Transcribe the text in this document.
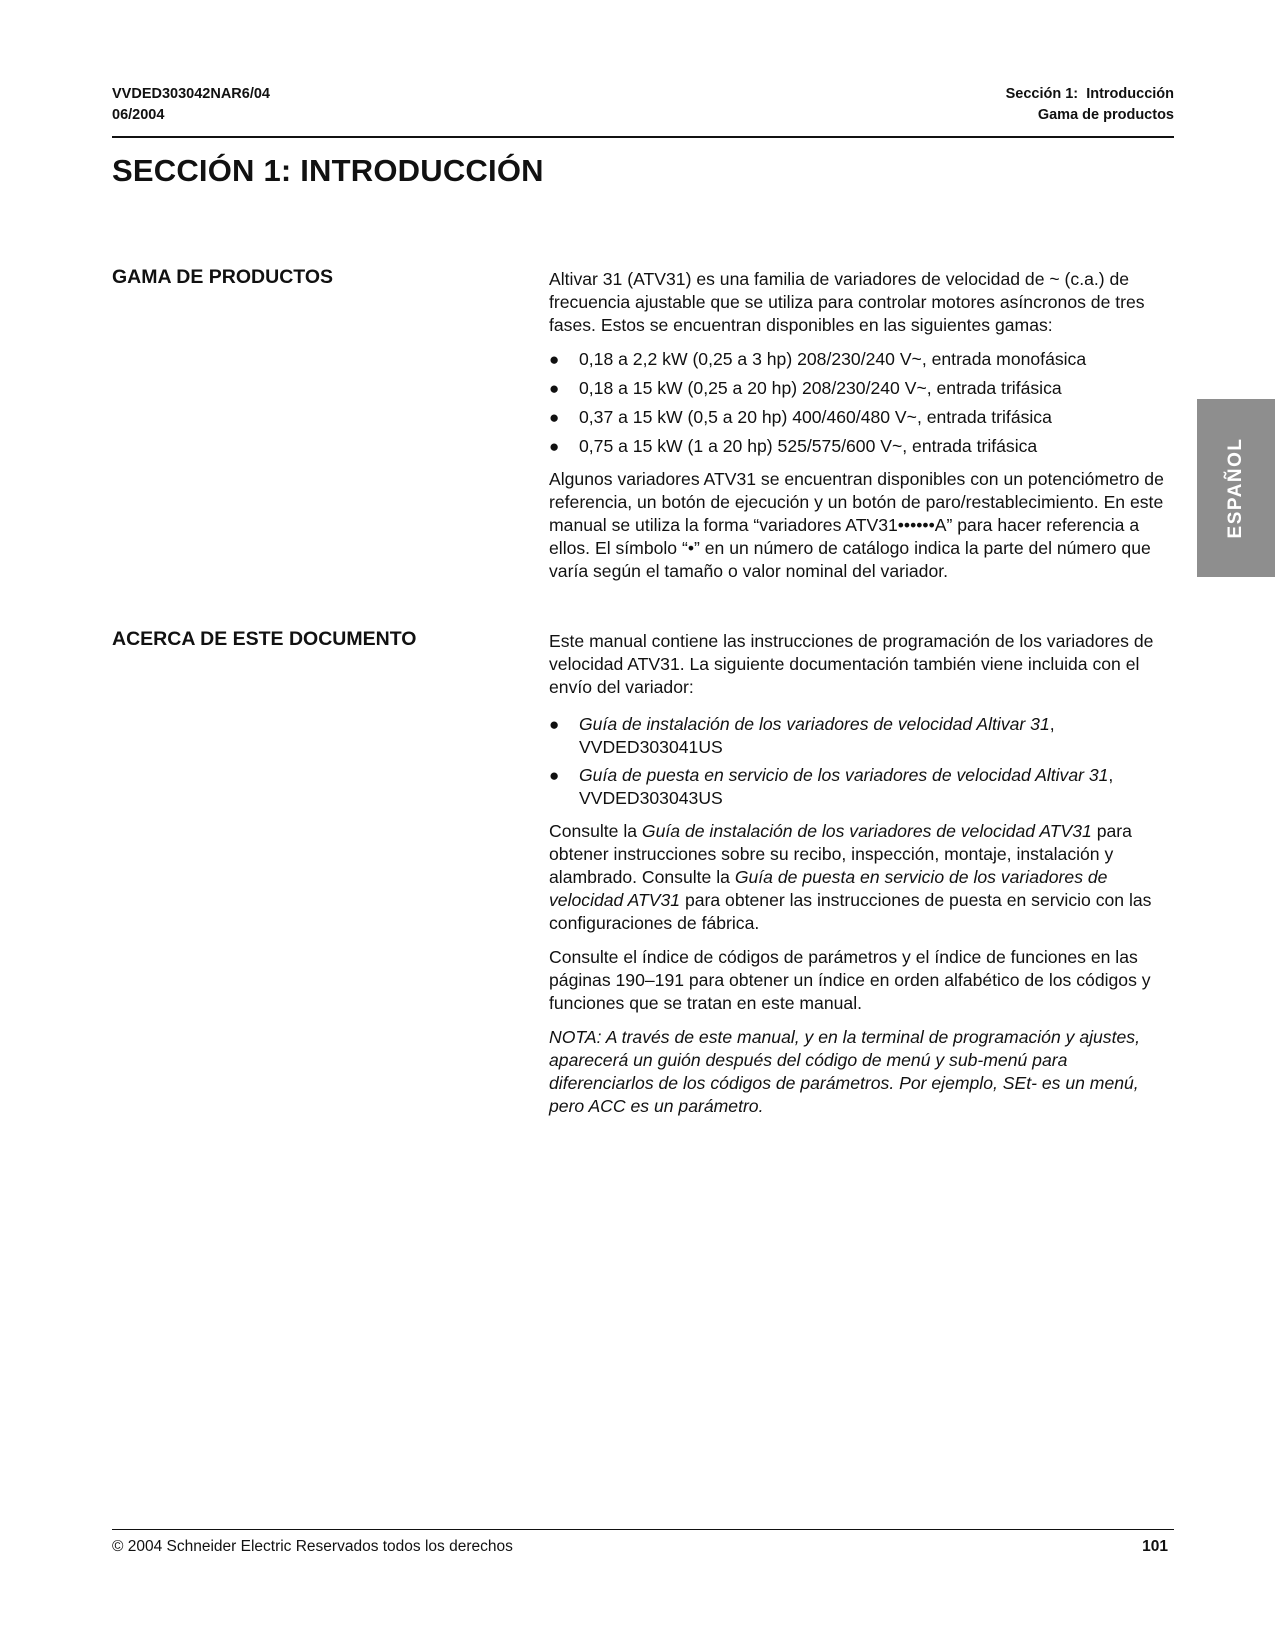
VVDED303042NAR6/04
06/2004
Sección 1:  Introducción
Gama de productos
SECCIÓN 1: INTRODUCCIÓN
ESPAÑOL
GAMA DE PRODUCTOS	Altivar 31 (ATV31) es una familia de variadores de velocidad de ~ (c.a.) de frecuencia ajustable que se utiliza para controlar motores asíncronos de tres fases. Estos se encuentran disponibles en las siguientes gamas:

● 0,18 a 2,2 kW (0,25 a 3 hp) 208/230/240 V~, entrada monofásica
● 0,18 a 15 kW (0,25 a 20 hp) 208/230/240 V~, entrada trifásica
● 0,37 a 15 kW (0,5 a 20 hp) 400/460/480 V~, entrada trifásica
● 0,75 a 15 kW (1 a 20 hp) 525/575/600 V~, entrada trifásica

Algunos variadores ATV31 se encuentran disponibles con un potenciómetro de referencia, un botón de ejecución y un botón de paro/restablecimiento. En este manual se utiliza la forma “variadores ATV31••••••A” para hacer referencia a ellos. El símbolo “•” en un número de catálogo indica la parte del número que varía según el tamaño o valor nominal del variador.

ACERCA DE ESTE DOCUMENTO	Este manual contiene las instrucciones de programación de los variadores de velocidad ATV31. La siguiente documentación también viene incluida con el envío del variador:

● Guía de instalación de los variadores de velocidad Altivar 31,
VVDED303041US
● Guía de puesta en servicio de los variadores de velocidad Altivar 31,
VVDED303043US

Consulte la Guía de instalación de los variadores de velocidad ATV31 para obtener instrucciones sobre su recibo, inspección, montaje, instalación y alambrado. Consulte la Guía de puesta en servicio de los variadores de velocidad ATV31 para obtener las instrucciones de puesta en servicio con las configuraciones de fábrica.

Consulte el índice de códigos de parámetros y el índice de funciones en las páginas 190–191 para obtener un índice en orden alfabético de los códigos y funciones que se tratan en este manual.

NOTA: A través de este manual, y en la terminal de programación y ajustes, aparecerá un guión después del código de menú y sub-menú para diferenciarlos de los códigos de parámetros. Por ejemplo, SEt- es un menú, pero ACC es un parámetro.

© 2004 Schneider Electric Reservados todos los derechos	101
